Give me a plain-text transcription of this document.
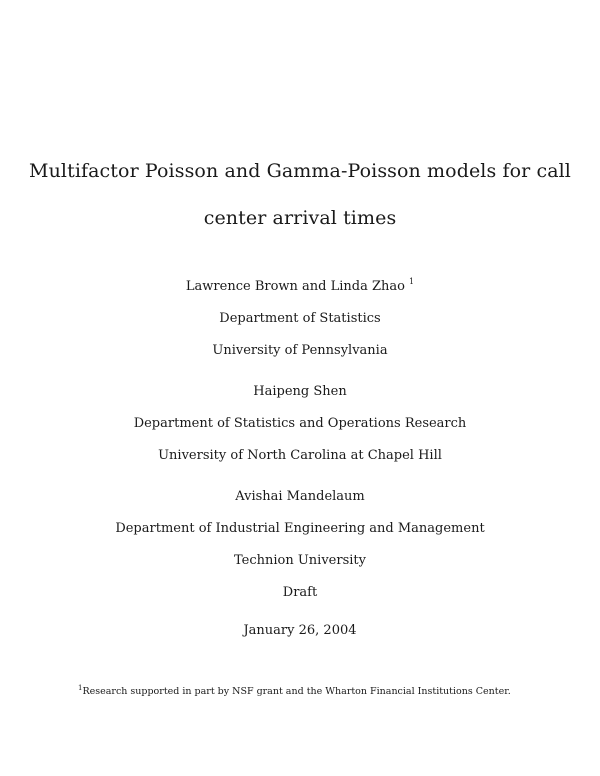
Multifactor Poisson and Gamma-Poisson models for call
center arrival times
Lawrence Brown and Linda Zhao $^1$
Department of Statistics
University of Pennsylvania
Haipeng Shen
Department of Statistics and Operations Research
University of North Carolina at Chapel Hill
Avishai Mandelaum
Department of Industrial Engineering and Management
Technion University
Draft
January 26, 2004
$^1$Research supported in part by NSF grant and the Wharton Financial Institutions Center.
